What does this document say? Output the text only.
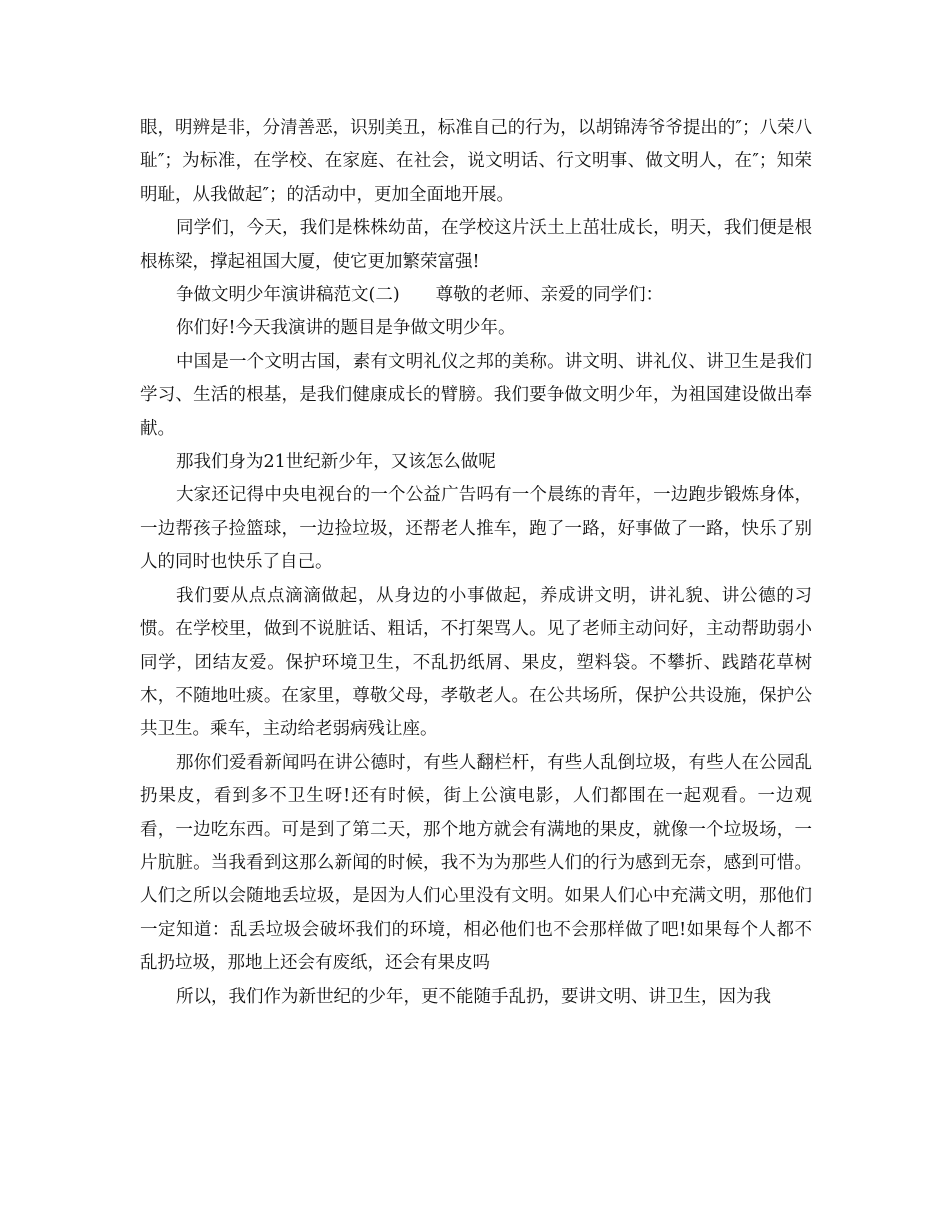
眼，明辨是非，分清善恶，识别美丑，标准自己的行为，以胡锦涛爷爷提出的″；八荣八耻″；为标准，在学校、在家庭、在社会，说文明话、行文明事、做文明人，在″；知荣明耻，从我做起″；的活动中，更加全面地开展。

同学们，今天，我们是株株幼苗，在学校这片沃土上茁壮成长，明天，我们便是根根栋梁，撑起祖国大厦，使它更加繁荣富强!

争做文明少年演讲稿范文(二) 尊敬的老师、亲爱的同学们：

你们好!今天我演讲的题目是争做文明少年。

中国是一个文明古国，素有文明礼仪之邦的美称。讲文明、讲礼仪、讲卫生是我们学习、生活的根基，是我们健康成长的臂膀。我们要争做文明少年，为祖国建设做出奉献。

那我们身为21世纪新少年，又该怎么做呢

大家还记得中央电视台的一个公益广告吗有一个晨练的青年，一边跑步锻炼身体，一边帮孩子捡篮球，一边捡垃圾，还帮老人推车，跑了一路，好事做了一路，快乐了别人的同时也快乐了自己。

我们要从点点滴滴做起，从身边的小事做起，养成讲文明，讲礼貌、讲公德的习惯。在学校里，做到不说脏话、粗话，不打架骂人。见了老师主动问好，主动帮助弱小同学，团结友爱。保护环境卫生，不乱扔纸屑、果皮，塑料袋。不攀折、践踏花草树木，不随地吐痰。在家里，尊敬父母，孝敬老人。在公共场所，保护公共设施，保护公共卫生。乘车，主动给老弱病残让座。

那你们爱看新闻吗在讲公德时，有些人翻栏杆，有些人乱倒垃圾，有些人在公园乱扔果皮，看到多不卫生呀!还有时候，街上公演电影，人们都围在一起观看。一边观看，一边吃东西。可是到了第二天，那个地方就会有满地的果皮，就像一个垃圾场，一片肮脏。当我看到这那么新闻的时候，我不为为那些人们的行为感到无奈，感到可惜。人们之所以会随地丢垃圾，是因为人们心里没有文明。如果人们心中充满文明，那他们一定知道：乱丢垃圾会破坏我们的环境，相必他们也不会那样做了吧!如果每个人都不乱扔垃圾，那地上还会有废纸，还会有果皮吗

所以，我们作为新世纪的少年，更不能随手乱扔，要讲文明、讲卫生，因为我
